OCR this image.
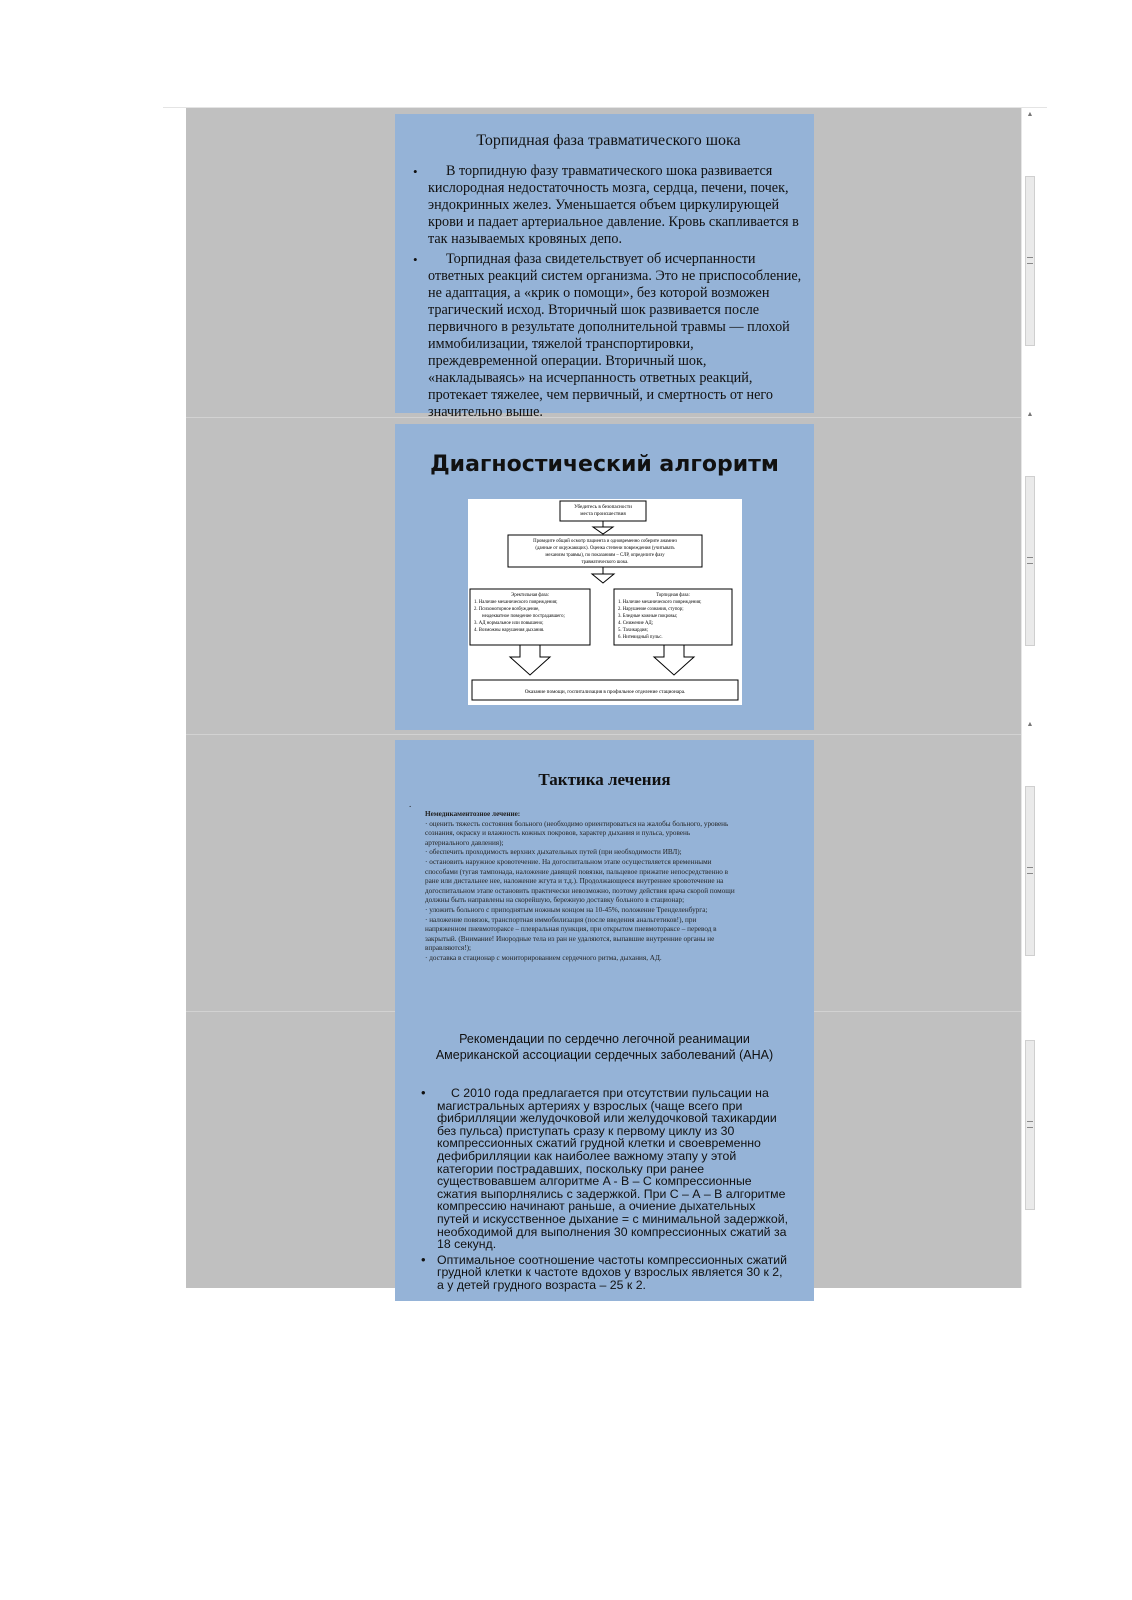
Торпидная фаза травматического шока
• В торпидную фазу травматического шока развивается кислородная недостаточность мозга, сердца, печени, почек, эндокринных желез. Уменьшается объем циркулирующей крови и падает артериальное давление. Кровь скапливается в так называемых кровяных депо.
• Торпидная фаза свидетельствует об исчерпанности ответных реакций систем организма. Это не приспособление, не адаптация, а «крик о помощи», без которой возможен трагический исход. Вторичный шок развивается после первичного в результате дополнительной травмы — плохой иммобилизации, тяжелой транспортировки, преждевременной операции. Вторичный шок, «накладываясь» на исчерпанность ответных реакций, протекает тяжелее, чем первичный, и смертность от него значительно выше.
Диагностический алгоритм
Убедитесь в безопасности
места происшествия
Проведите общий осмотр пациента и одновременно соберите анамнез
(данные от окружающих). Оценка степени повреждения (учитывать
механизм травмы), по показаниям – СЛР, определите фазу
травматического шока.
Эректильная фаза:
1. Наличие механического повреждения;
2. Психомоторное возбуждение,
неадекватное поведение пострадавшего;
3. АД нормальное или повышено;
4. Возможны нарушения дыхания.
Торпидная фаза:
1. Наличие механического повреждения;
2. Нарушение сознания, ступор;
3. Бледные кожные покровы;
4. Снижение АД;
5. Тахикардия;
6. Нитевидный пульс.
Оказание помощи, госпитализация в профильное отделение стационара.
Тактика лечения
.
Немедикаментозное лечение:
· оценить тяжесть состояния больного (необходимо ориентироваться на жалобы больного, уровень
сознания, окраску и влажность кожных покровов, характер дыхания и пульса, уровень
артериального давления);
· обеспечить проходимость верхних дыхательных путей (при необходимости ИВЛ);
· остановить наружное кровотечение. На догоспитальном этапе осуществляется временными
способами (тугая тампонада, наложение давящей повязки, пальцевое прижатие непосредственно в
ране или дистальнее нее, наложение жгута и т.д.). Продолжающееся внутреннее кровотечение на
догоспитальном этапе остановить практически невозможно, поэтому действия врача скорой помощи
должны быть направлены на скорейшую, бережную доставку больного в стационар;
· уложить больного с приподнятым ножным концом на 10-45%, положение Тренделенбурга;
· наложение повязок, транспортная иммобилизация (после введения анальгетиков!), при
напряженном пневмотораксе – плевральная пункция, при открытом пневмотораксе – перевод в
закрытый. (Внимание! Инородные тела из ран не удаляются, выпавшие внутренние органы не
вправляются!);
· доставка в стационар с мониторированием сердечного ритма, дыхания, АД.
Рекомендации по сердечно легочной реанимации Американской ассоциации сердечных заболеваний (АНА)
• С 2010 года предлагается при отсутствии пульсации на магистральных артериях у взрослых (чаще всего при фибрилляции желудочковой или желудочковой тахикардии без пульса) приступать сразу к первому циклу из 30 компрессионных сжатий грудной клетки и своевременно дефибрилляции как наиболее важному этапу у этой категории пострадавших, поскольку при ранее существовавшем алгоритме A - B – C компрессионные сжатия выпорлнялись с задержкой. При С – А – В алгоритме компрессию начинают раньше, а очиение дыхательных путей и искусственное дыхание = с минимальной задержкой, необходимой для выполнения 30 компрессионных сжатий за 18 секунд.
• Оптимальное соотношение частоты компрессионных сжатий грудной клетки к частоте вдохов у взрослых является 30 к 2, а у детей грудного возраста – 25 к 2.
▲
▲
▲
